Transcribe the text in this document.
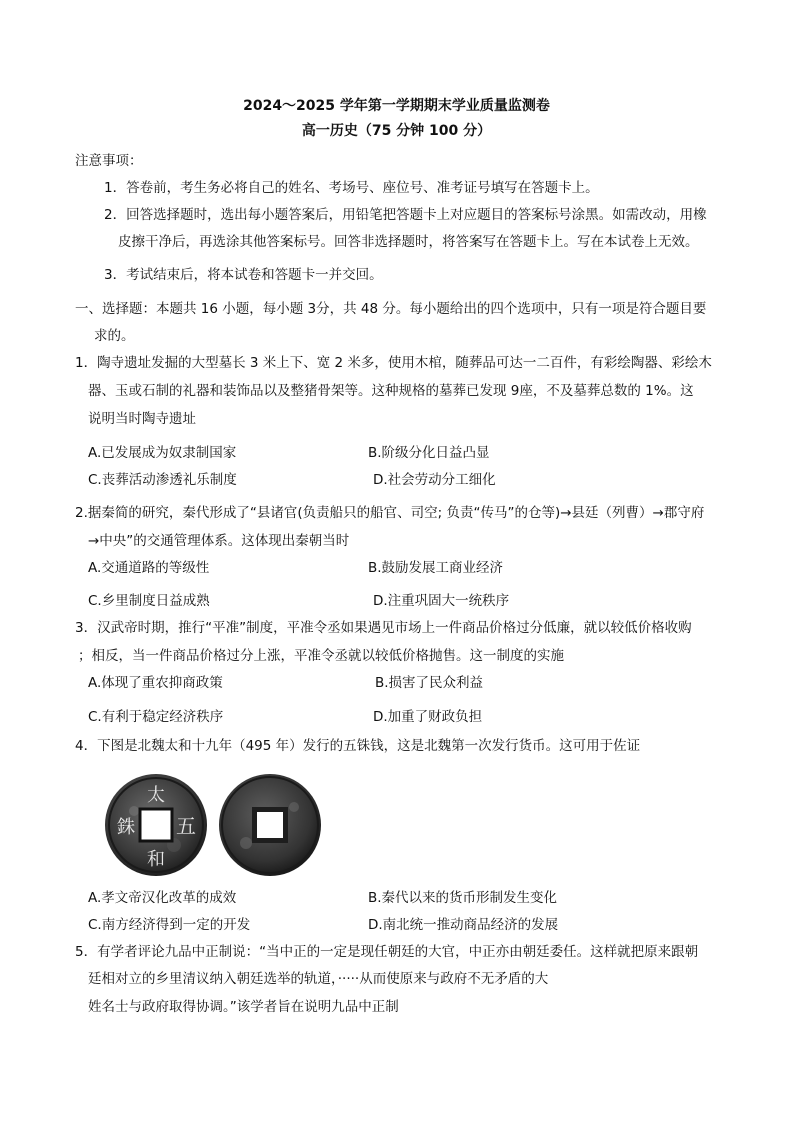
2024～2025 学年第一学期期末学业质量监测卷
高一历史（75 分钟 100 分）
注意事项：
1．答卷前，考生务必将自己的姓名、考场号、座位号、准考证号填写在答题卡上。
2．回答选择题时，选出每小题答案后，用铅笔把答题卡上对应题目的答案标号涂黑。如需改动，用橡
皮擦干净后，再选涂其他答案标号。回答非选择题时，将答案写在答题卡上。写在本试卷上无效。
3．考试结束后，将本试卷和答题卡一并交回。
一、选择题：本题共 16 小题，每小题 3分，共 48 分。每小题给出的四个选项中，只有一项是符合题目要
求的。
1．陶寺遗址发掘的大型墓长 3 米上下、宽 2 米多，使用木棺，随葬品可达一二百件，有彩绘陶器、彩绘木
器、玉或石制的礼器和装饰品以及整猪骨架等。这种规格的墓葬已发现 9座，不及墓葬总数的 1%。这
说明当时陶寺遗址
A.已发展成为奴隶制国家	B.阶级分化日益凸显
C.丧葬活动渗透礼乐制度	D.社会劳动分工细化
2.据秦简的研究，秦代形成了“县诸官(负责船只的船官、司空; 负责“传马”的仓等)→县廷（列曹）→郡守府
→中央”的交通管理体系。这体现出秦朝当时
A.交通道路的等级性	B.鼓励发展工商业经济
C.乡里制度日益成熟	D.注重巩固大一统秩序
3．汉武帝时期，推行“平准”制度，平准令丞如果遇见市场上一件商品价格过分低廉，就以较低价格收购
；相反，当一件商品价格过分上涨，平准令丞就以较低价格抛售。这一制度的实施
A.体现了重农抑商政策	B.损害了民众利益
C.有利于稳定经济秩序	D.加重了财政负担
4．下图是北魏太和十九年（495 年）发行的五铢钱，这是北魏第一次发行货币。这可用于佐证
五
銖
太
和
A.孝文帝汉化改革的成效	B.秦代以来的货币形制发生变化
C.南方经济得到一定的开发	D.南北统一推动商品经济的发展
5．有学者评论九品中正制说：“当中正的一定是现任朝廷的大官，中正亦由朝廷委任。这样就把原来跟朝
廷相对立的乡里清议纳入朝廷选举的轨道，·····从而使原来与政府不无矛盾的大
姓名士与政府取得协调。”该学者旨在说明九品中正制
